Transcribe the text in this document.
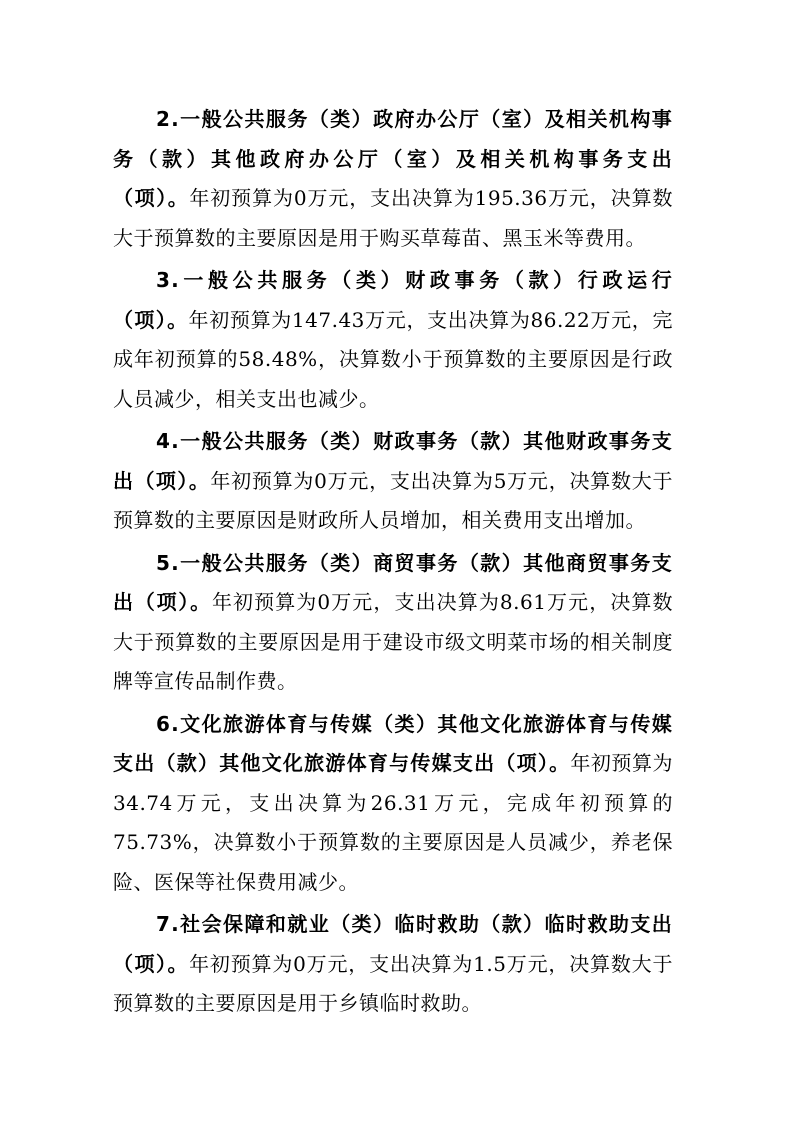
2.一般公共服务（类）政府办公厅（室）及相关机构事务（款）其他政府办公厅（室）及相关机构事务支出（项）。年初预算为0万元，支出决算为195.36万元，决算数大于预算数的主要原因是用于购买草莓苗、黑玉米等费用。

3.一般公共服务（类）财政事务（款）行政运行（项）。年初预算为147.43万元，支出决算为86.22万元，完成年初预算的58.48%，决算数小于预算数的主要原因是行政人员减少，相关支出也减少。

4.一般公共服务（类）财政事务（款）其他财政事务支出（项）。年初预算为0万元，支出决算为5万元，决算数大于预算数的主要原因是财政所人员增加，相关费用支出增加。

5.一般公共服务（类）商贸事务（款）其他商贸事务支出（项）。年初预算为0万元，支出决算为8.61万元，决算数大于预算数的主要原因是用于建设市级文明菜市场的相关制度牌等宣传品制作费。

6.文化旅游体育与传媒（类）其他文化旅游体育与传媒支出（款）其他文化旅游体育与传媒支出（项）。年初预算为34.74万元，支出决算为26.31万元，完成年初预算的75.73%，决算数小于预算数的主要原因是人员减少，养老保险、医保等社保费用减少。

7.社会保障和就业（类）临时救助（款）临时救助支出（项）。年初预算为0万元，支出决算为1.5万元，决算数大于预算数的主要原因是用于乡镇临时救助。
